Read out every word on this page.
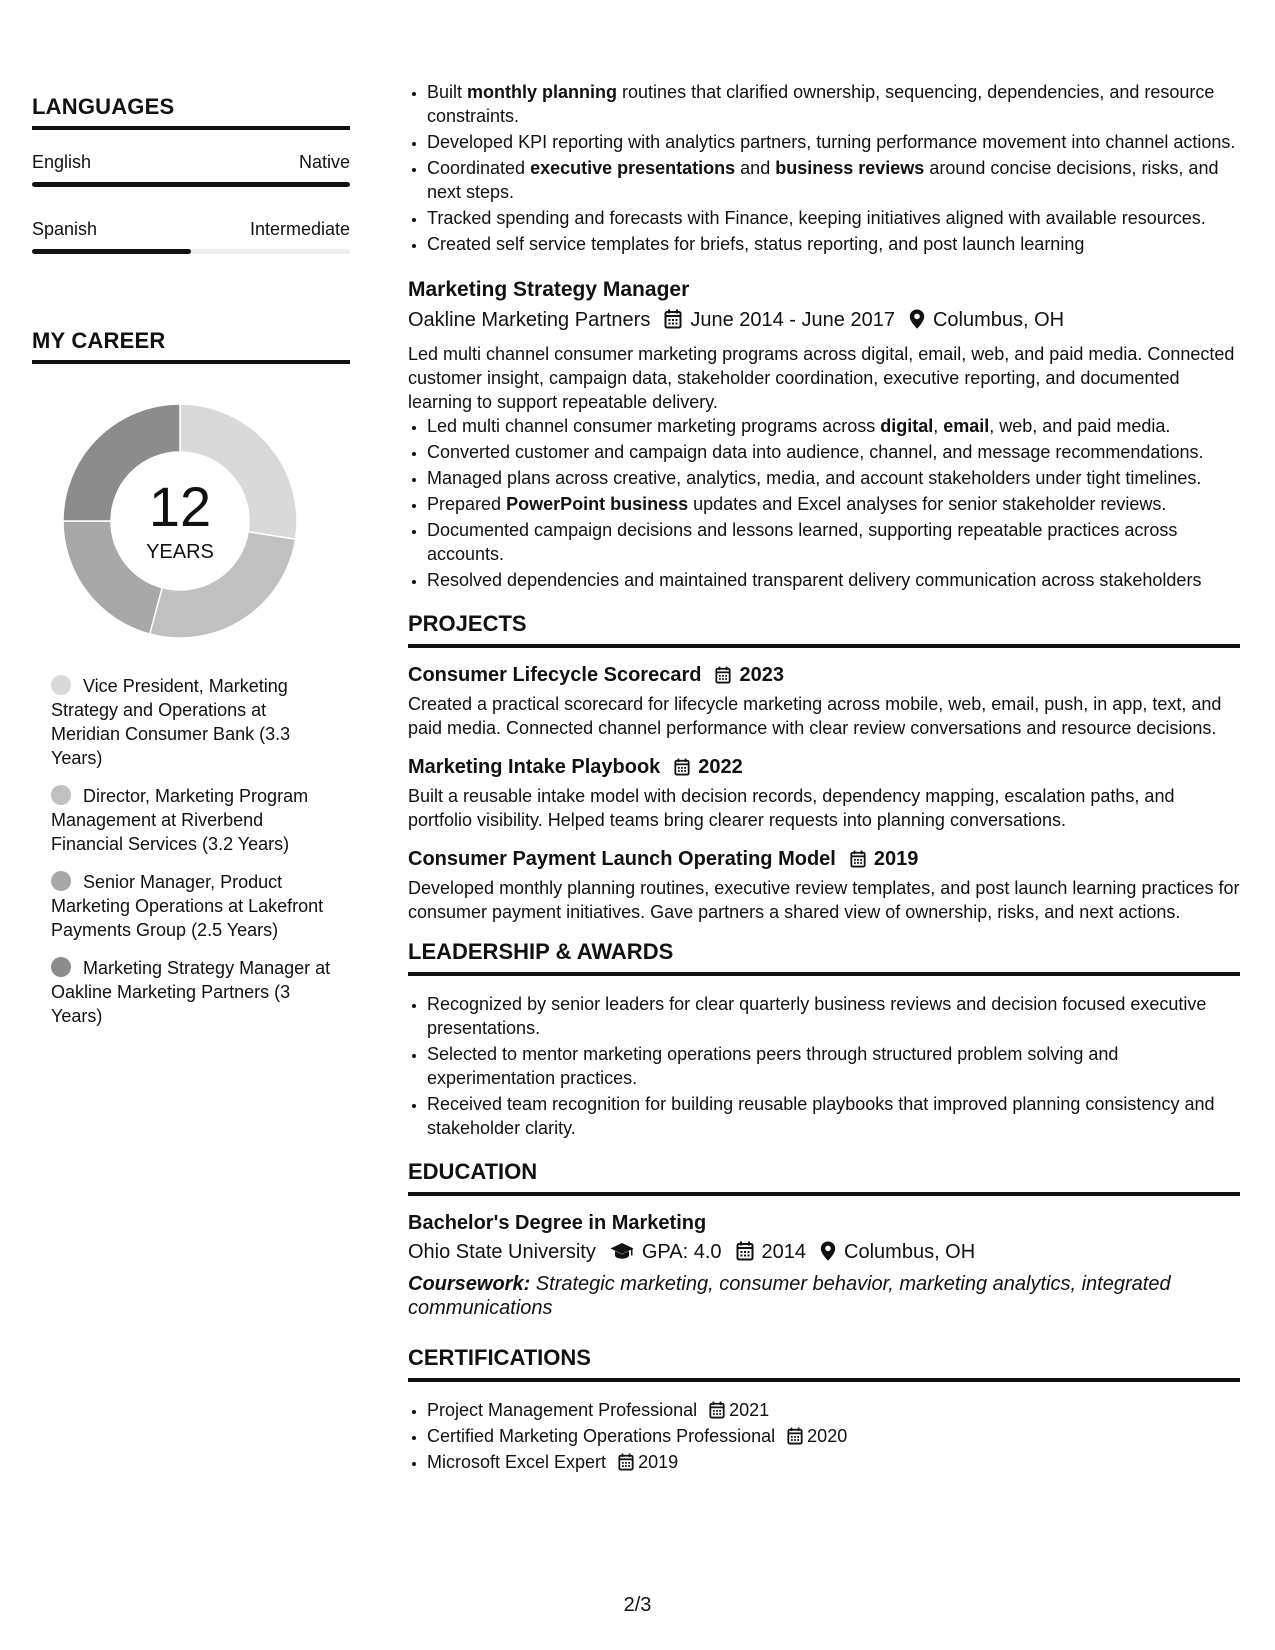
LANGUAGES
English	Native
Spanish	Intermediate
MY CAREER
12
YEARS
Vice President, Marketing Strategy and Operations at Meridian Consumer Bank (3.3 Years)
Director, Marketing Program Management at Riverbend Financial Services (3.2 Years)
Senior Manager, Product Marketing Operations at Lakefront Payments Group (2.5 Years)
Marketing Strategy Manager at Oakline Marketing Partners (3 Years)
• Built monthly planning routines that clarified ownership, sequencing, dependencies, and resource constraints.
• Developed KPI reporting with analytics partners, turning performance movement into channel actions.
• Coordinated executive presentations and business reviews around concise decisions, risks, and next steps.
• Tracked spending and forecasts with Finance, keeping initiatives aligned with available resources.
• Created self service templates for briefs, status reporting, and post launch learning
Marketing Strategy Manager
Oakline Marketing Partners June 2014 - June 2017 Columbus, OH
Led multi channel consumer marketing programs across digital, email, web, and paid media. Connected customer insight, campaign data, stakeholder coordination, executive reporting, and documented learning to support repeatable delivery.
• Led multi channel consumer marketing programs across digital, email, web, and paid media.
• Converted customer and campaign data into audience, channel, and message recommendations.
• Managed plans across creative, analytics, media, and account stakeholders under tight timelines.
• Prepared PowerPoint business updates and Excel analyses for senior stakeholder reviews.
• Documented campaign decisions and lessons learned, supporting repeatable practices across accounts.
• Resolved dependencies and maintained transparent delivery communication across stakeholders
PROJECTS
Consumer Lifecycle Scorecard 2023
Created a practical scorecard for lifecycle marketing across mobile, web, email, push, in app, text, and paid media. Connected channel performance with clear review conversations and resource decisions.
Marketing Intake Playbook 2022
Built a reusable intake model with decision records, dependency mapping, escalation paths, and portfolio visibility. Helped teams bring clearer requests into planning conversations.
Consumer Payment Launch Operating Model 2019
Developed monthly planning routines, executive review templates, and post launch learning practices for consumer payment initiatives. Gave partners a shared view of ownership, risks, and next actions.
LEADERSHIP & AWARDS
• Recognized by senior leaders for clear quarterly business reviews and decision focused executive presentations.
• Selected to mentor marketing operations peers through structured problem solving and experimentation practices.
• Received team recognition for building reusable playbooks that improved planning consistency and stakeholder clarity.
EDUCATION
Bachelor's Degree in Marketing
Ohio State University GPA: 4.0 2014 Columbus, OH
Coursework: Strategic marketing, consumer behavior, marketing analytics, integrated communications
CERTIFICATIONS
• Project Management Professional 2021
• Certified Marketing Operations Professional 2020
• Microsoft Excel Expert 2019
2/3
